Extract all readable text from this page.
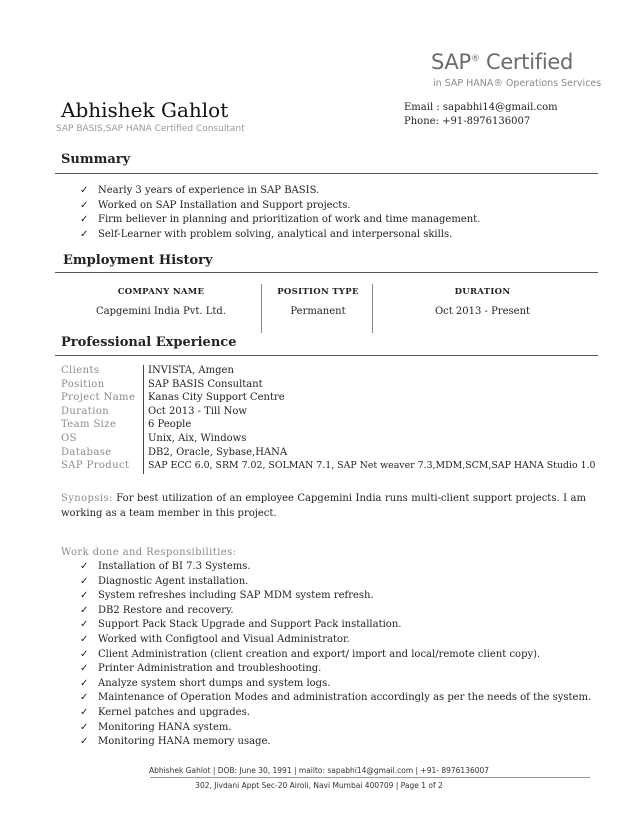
SAP® Certified
in SAP HANA® Operations Services
Abhishek Gahlot
SAP BASIS,SAP HANA Certified Consultant
Email : sapabhi14@gmail.com
Phone: +91-8976136007
Summary
✓ Nearly 3 years of experience in SAP BASIS.
✓ Worked on SAP Installation and Support projects.
✓ Firm believer in planning and prioritization of work and time management.
✓ Self-Learner with problem solving, analytical and interpersonal skills.
Employment History
COMPANY NAME	POSITION TYPE	DURATION
Capgemini India Pvt. Ltd.	Permanent	Oct 2013 - Present
Professional Experience
Clients	INVISTA, Amgen
Position	SAP BASIS Consultant
Project Name	Kanas City Support Centre
Duration	Oct 2013 - Till Now
Team Size	6 People
OS	Unix, Aix, Windows
Database	DB2, Oracle, Sybase,HANA
SAP Product	SAP ECC 6.0, SRM 7.02, SOLMAN 7.1, SAP Net weaver 7.3,MDM,SCM,SAP HANA Studio 1.0
Synopsis: For best utilization of an employee Capgemini India runs multi-client support projects. I am working as a team member in this project.
Work done and Responsibilities:
✓ Installation of BI 7.3 Systems.
✓ Diagnostic Agent installation.
✓ System refreshes including SAP MDM system refresh.
✓ DB2 Restore and recovery.
✓ Support Pack Stack Upgrade and Support Pack installation.
✓ Worked with Configtool and Visual Administrator.
✓ Client Administration (client creation and export/ import and local/remote client copy).
✓ Printer Administration and troubleshooting.
✓ Analyze system short dumps and system logs.
✓ Maintenance of Operation Modes and administration accordingly as per the needs of the system.
✓ Kernel patches and upgrades.
✓ Monitoring HANA system.
✓ Monitoring HANA memory usage.
Abhishek Gahlot | DOB: June 30, 1991 | mailto: sapabhi14@gmail.com | +91- 8976136007
302, Jivdani Appt Sec-20 Airoli, Navi Mumbai 400709 | Page 1 of 2
